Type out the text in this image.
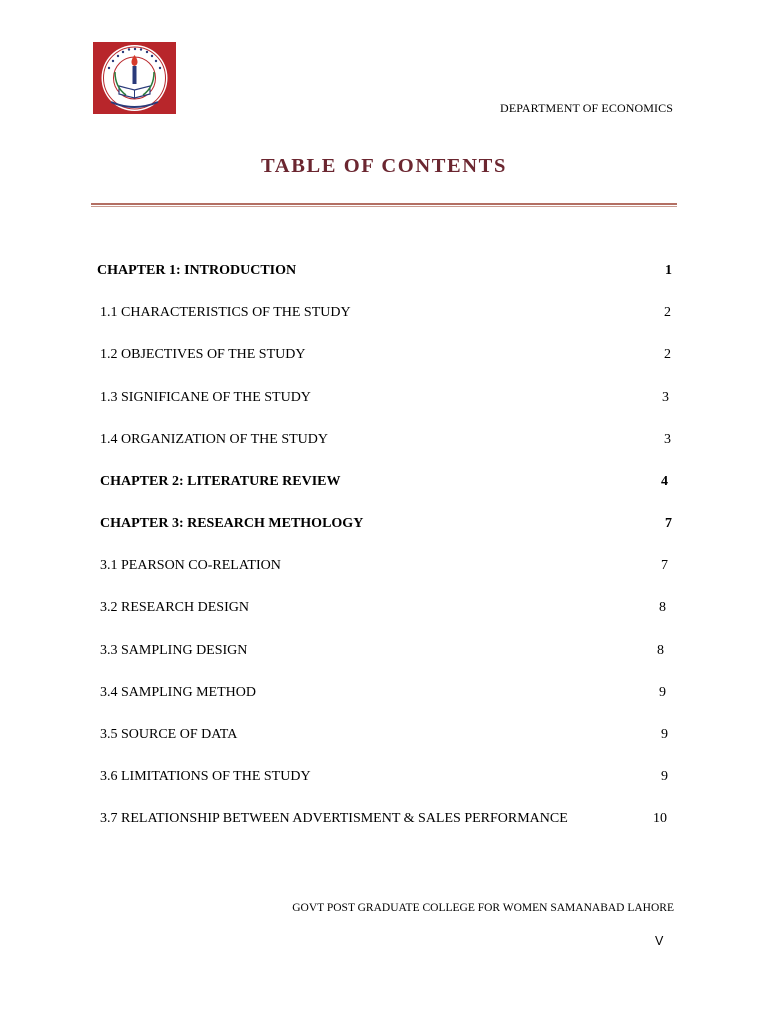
DEPARTMENT OF ECONOMICS
TABLE OF CONTENTS
CHAPTER 1: INTRODUCTION	1
1.1 CHARACTERISTICS OF THE STUDY	2
1.2 OBJECTIVES OF THE STUDY	2
1.3 SIGNIFICANE OF THE STUDY	3
1.4 ORGANIZATION OF THE STUDY	3
CHAPTER 2: LITERATURE REVIEW	4
CHAPTER 3: RESEARCH METHOLOGY	7
3.1 PEARSON CO-RELATION	7
3.2 RESEARCH DESIGN	8
3.3 SAMPLING DESIGN	8
3.4 SAMPLING METHOD	9
3.5 SOURCE OF DATA	9
3.6 LIMITATIONS OF THE STUDY	9
3.7 RELATIONSHIP BETWEEN ADVERTISMENT & SALES PERFORMANCE	10
GOVT POST GRADUATE COLLEGE FOR WOMEN SAMANABAD LAHORE
V
